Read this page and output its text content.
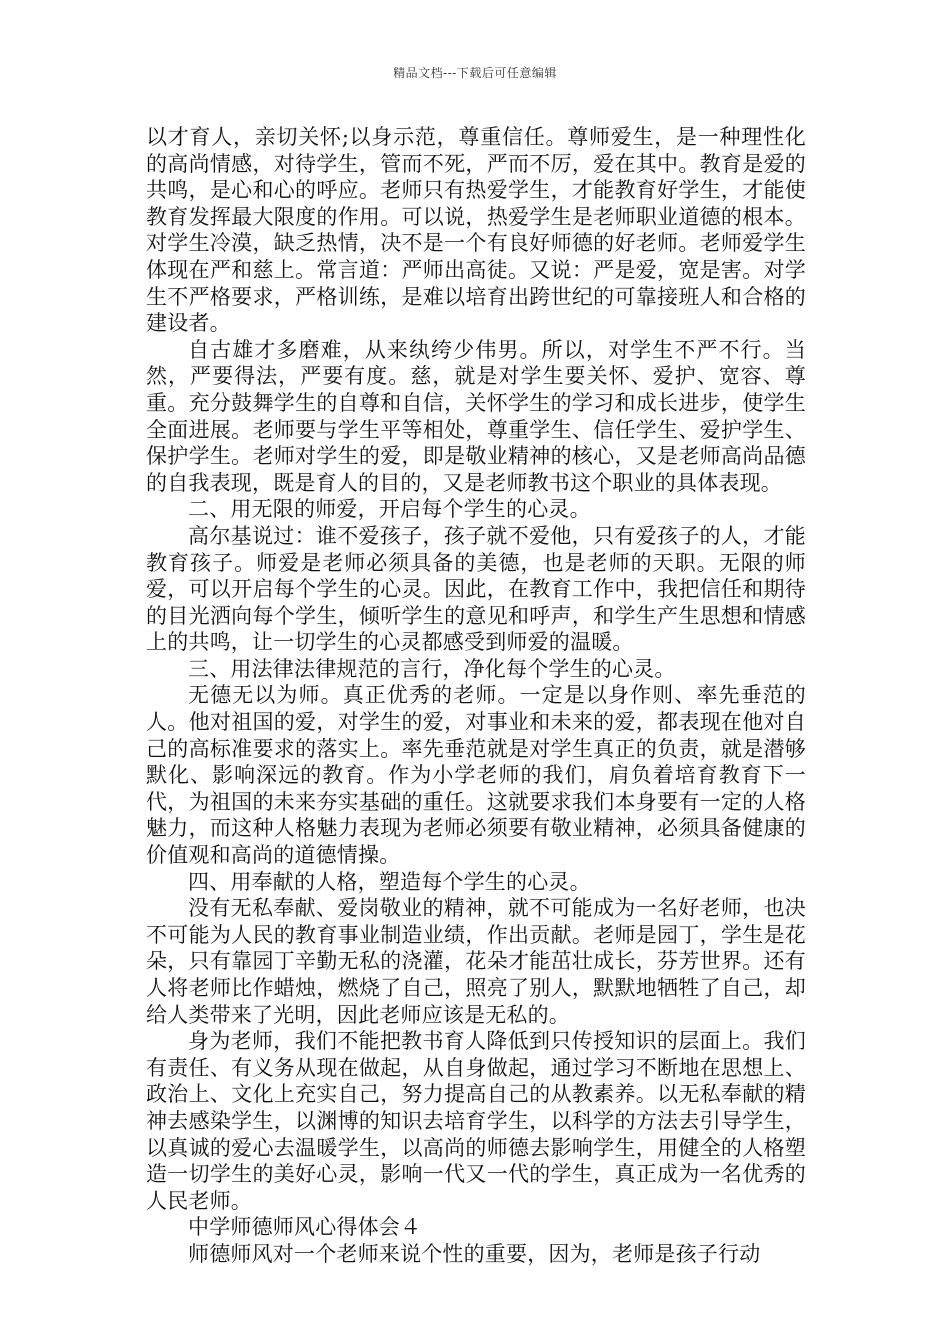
精品文档---下载后可任意编辑

以才育人，亲切关怀;以身示范，尊重信任。尊师爱生，是一种理性化的高尚情感，对待学生，管而不死，严而不厉，爱在其中。教育是爱的共鸣，是心和心的呼应。老师只有热爱学生，才能教育好学生，才能使教育发挥最大限度的作用。可以说，热爱学生是老师职业道德的根本。对学生冷漠，缺乏热情，决不是一个有良好师德的好老师。老师爱学生体现在严和慈上。常言道：严师出高徒。又说：严是爱，宽是害。对学生不严格要求，严格训练，是难以培育出跨世纪的可靠接班人和合格的建设者。

自古雄才多磨难，从来纨绔少伟男。所以，对学生不严不行。当然，严要得法，严要有度。慈，就是对学生要关怀、爱护、宽容、尊重。充分鼓舞学生的自尊和自信，关怀学生的学习和成长进步，使学生全面进展。老师要与学生平等相处，尊重学生、信任学生、爱护学生、保护学生。老师对学生的爱，即是敬业精神的核心，又是老师高尚品德的自我表现，既是育人的目的，又是老师教书这个职业的具体表现。

二、用无限的师爱，开启每个学生的心灵。

高尔基说过：谁不爱孩子，孩子就不爱他，只有爱孩子的人，才能教育孩子。师爱是老师必须具备的美德，也是老师的天职。无限的师爱，可以开启每个学生的心灵。因此，在教育工作中，我把信任和期待的目光洒向每个学生，倾听学生的意见和呼声，和学生产生思想和情感上的共鸣，让一切学生的心灵都感受到师爱的温暖。

三、用法律法律规范的言行，净化每个学生的心灵。

无德无以为师。真正优秀的老师。一定是以身作则、率先垂范的人。他对祖国的爱，对学生的爱，对事业和未来的爱，都表现在他对自己的高标准要求的落实上。率先垂范就是对学生真正的负责，就是潜够默化、影响深远的教育。作为小学老师的我们，肩负着培育教育下一代，为祖国的未来夯实基础的重任。这就要求我们本身要有一定的人格魅力，而这种人格魅力表现为老师必须要有敬业精神，必须具备健康的价值观和高尚的道德情操。

四、用奉献的人格，塑造每个学生的心灵。

没有无私奉献、爱岗敬业的精神，就不可能成为一名好老师，也决不可能为人民的教育事业制造业绩，作出贡献。老师是园丁，学生是花朵，只有靠园丁辛勤无私的浇灌，花朵才能茁壮成长，芬芳世界。还有人将老师比作蜡烛，燃烧了自己，照亮了别人，默默地牺牲了自己，却给人类带来了光明，因此老师应该是无私的。

身为老师，我们不能把教书育人降低到只传授知识的层面上。我们有责任、有义务从现在做起，从自身做起，通过学习不断地在思想上、政治上、文化上充实自己，努力提高自己的从教素养。以无私奉献的精神去感染学生，以渊博的知识去培育学生，以科学的方法去引导学生，以真诚的爱心去温暖学生，以高尚的师德去影响学生，用健全的人格塑造一切学生的美好心灵，影响一代又一代的学生，真正成为一名优秀的人民老师。

中学师德师风心得体会４

师德师风对一个老师来说个性的重要，因为，老师是孩子行动
